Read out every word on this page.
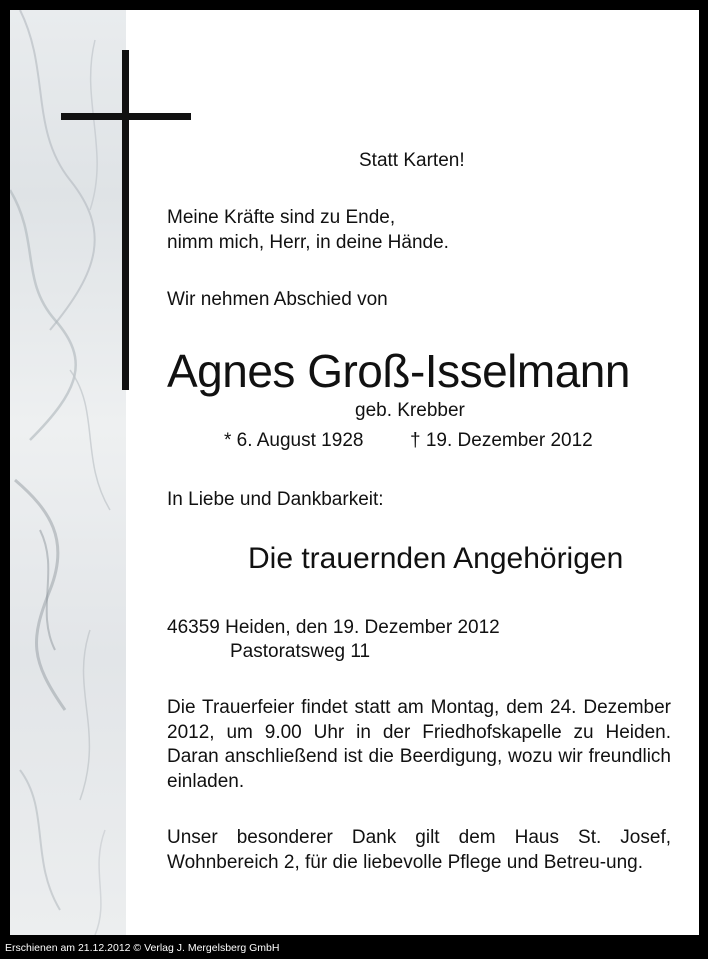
Statt Karten!
Meine Kräfte sind zu Ende,
nimm mich, Herr, in deine Hände.
Wir nehmen Abschied von
Agnes Groß-Isselmann
geb. Krebber
* 6. August 1928 † 19. Dezember 2012
In Liebe und Dankbarkeit:
Die trauernden Angehörigen
46359 Heiden, den 19. Dezember 2012
Pastoratsweg 11
Die Trauerfeier findet statt am Montag, dem 24. Dezember 2012, um 9.00 Uhr in der Friedhofskapelle zu Heiden. Daran anschließend ist die Beerdigung, wozu wir freundlich einladen.
Unser besonderer Dank gilt dem Haus St. Josef, Wohnbereich 2, für die liebevolle Pflege und Betreu-ung.
Erschienen am 21.12.2012 © Verlag J. Mergelsberg GmbH
